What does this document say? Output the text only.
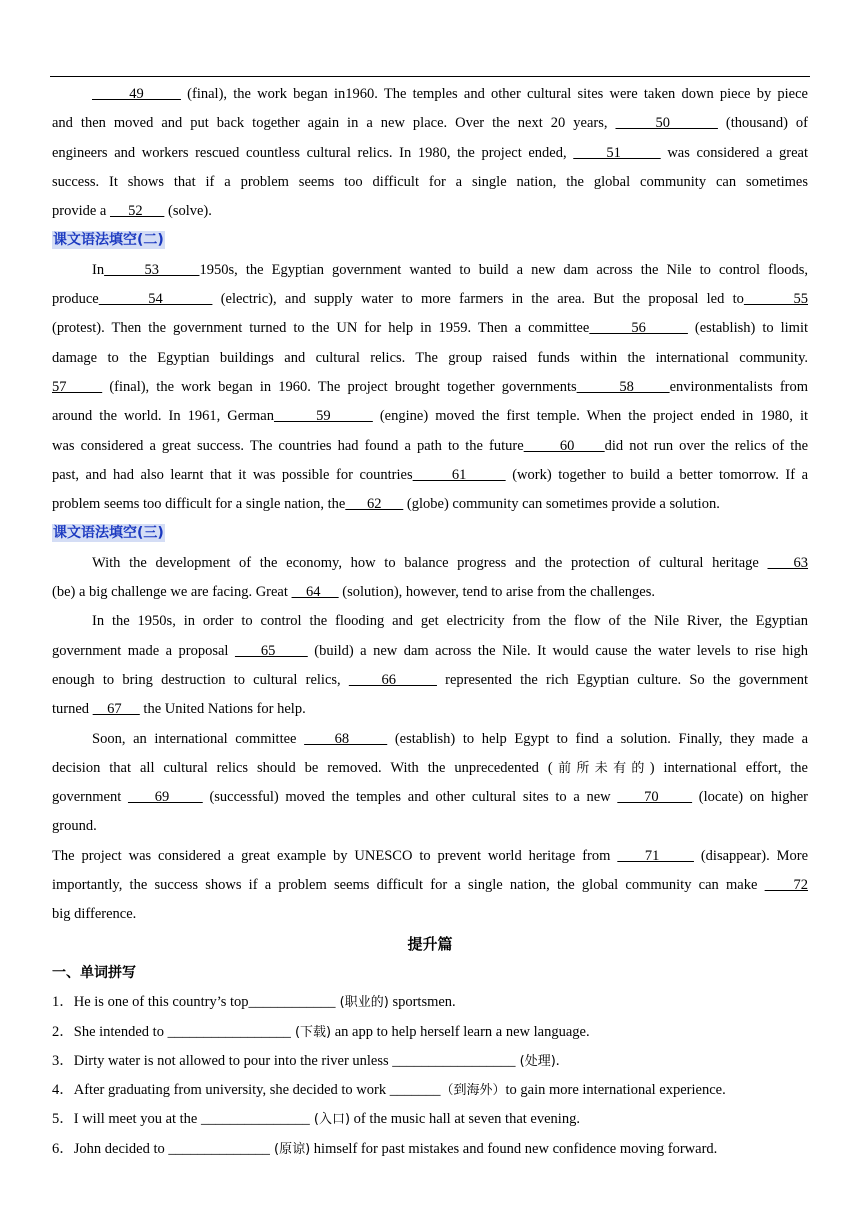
49       (final), the work began in1960. The temples and other cultural sites were taken down piece by piece
and then moved and put back together again in a new place. Over the next 20 years,      50       (thousand) of
engineers and workers rescued countless cultural relics. In 1980, the project ended,      51       was considered a great
success. It shows that if a problem seems too difficult for a single nation, the global community can sometimes
provide a      52       (solve).
课文语法填空(二)
In     53     1950s, the Egyptian government wanted to build a new dam across the Nile to control floods,
produce      54       (electric), and supply water to more farmers in the area. But the proposal led to      55
(protest). Then the government turned to the UN for help in 1959. Then a committee      56       (establish) to limit
damage to the Egyptian buildings and cultural relics. The group raised funds within the international community.
57      (final), the work began in 1960. The project brought together governments      58     environmentalists from
around the world. In 1961, German      59       (engine) moved the first temple. When the project ended in 1980, it
was considered a great success. The countries had found a path to the future      60     did not run over the relics of the
past, and had also learnt that it was possible for countries      61       (work) together to build a better tomorrow. If a
problem seems too difficult for a single nation, the      62       (globe) community can sometimes provide a solution.
课文语法填空(三)
With the development of the economy, how to balance progress and the protection of cultural heritage    63
(be) a big challenge we are facing. Great     64      (solution), however, tend to arise from the challenges.
In the 1950s, in order to control the flooding and get electricity from the flow of the Nile River, the Egyptian
government made a proposal     65      (build) a new dam across the Nile. It would cause the water levels to rise high
enough to bring destruction to cultural relics,     66      represented the rich Egyptian culture. So the government
turned     67      the United Nations for help.
Soon, an international committee     68      (establish) to help Egypt to find a solution. Finally, they made a
decision that all cultural relics should be removed. With the unprecedented (前所未有的) international effort, the
government     69      (successful) moved the temples and other cultural sites to a new     70      (locate) on higher
ground.
The project was considered a great example by UNESCO to prevent world heritage from     71      (disappear). More
importantly, the success shows if a problem seems difficult for a single nation, the global community can make     72
big difference.
提升篇
一、单词拼写
1．He is one of this country’s top____________ (职业的) sportsmen.
2．She intended to _________________ (下载) an app to help herself learn a new language.
3．Dirty water is not allowed to pour into the river unless _________________ (处理).
4．After graduating from university, she decided to work _______（到海外）to gain more international experience.
5．I will meet you at the _______________ (入口) of the music hall at seven that evening.
6．John decided to ______________ (原谅) himself for past mistakes and found new confidence moving forward.
